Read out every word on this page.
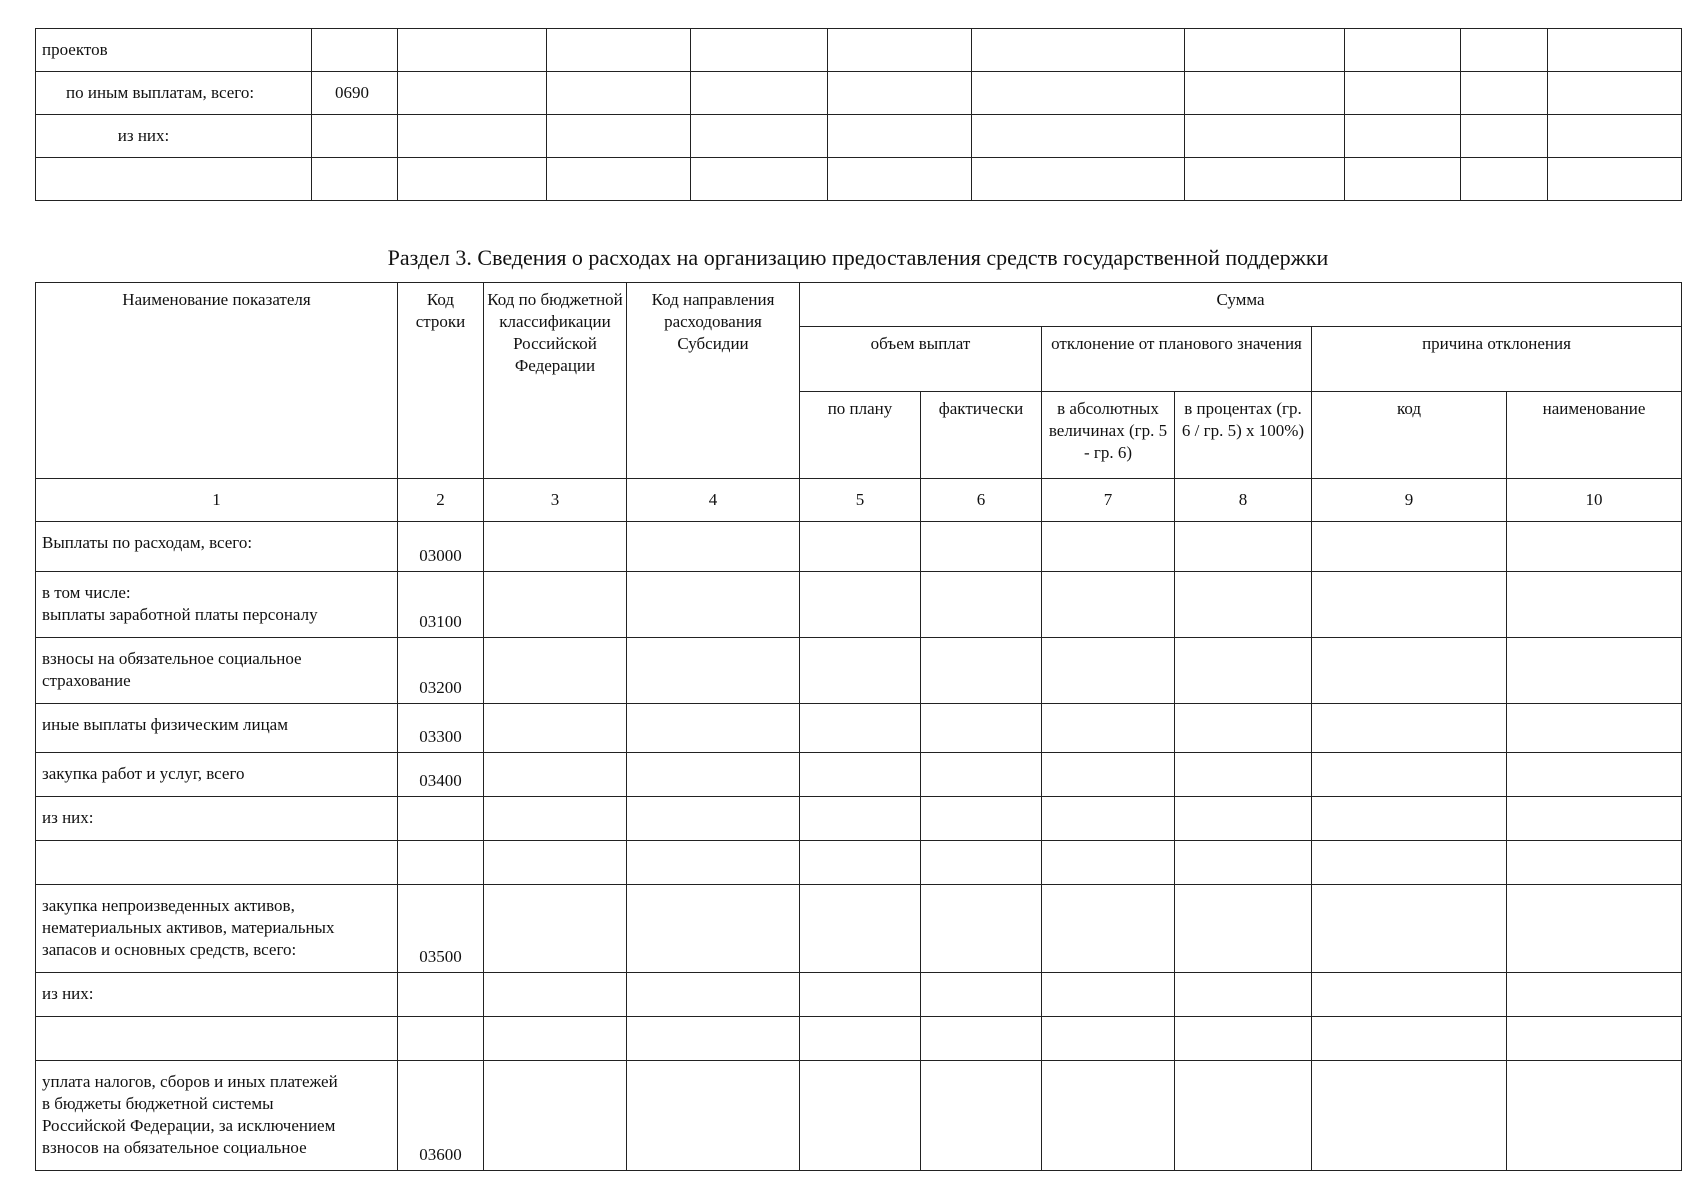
проектов										
по иным выплатам, всего:	0690									
из них:										

Раздел 3. Сведения о расходах на организацию предоставления средств государственной поддержки
Наименование показателя	Код строки	Код по бюджетной классификации Российской Федерации	Код направления расходования Субсидии	Сумма					
				объем выплат		отклонение от планового значения		причина отклонения	
				по плану	фактически	в абсолютных величинах (гр. 5 - гр. 6)	в процентах (гр. 6 / гр. 5) x 100%)	код	наименование
1	2	3	4	5	6	7	8	9	10
Выплаты по расходам, всего:	03000								
в том числе:
выплаты заработной платы персоналу	03100								
взносы на обязательное социальное
страхование	03200								
иные выплаты физическим лицам	03300								
закупка работ и услуг, всего	03400								
из них:									

закупка непроизведенных активов,
нематериальных активов, материальных
запасов и основных средств, всего:	03500								
из них:									

уплата налогов, сборов и иных платежей
в бюджеты бюджетной системы
Российской Федерации, за исключением
взносов на обязательное социальное	03600								
